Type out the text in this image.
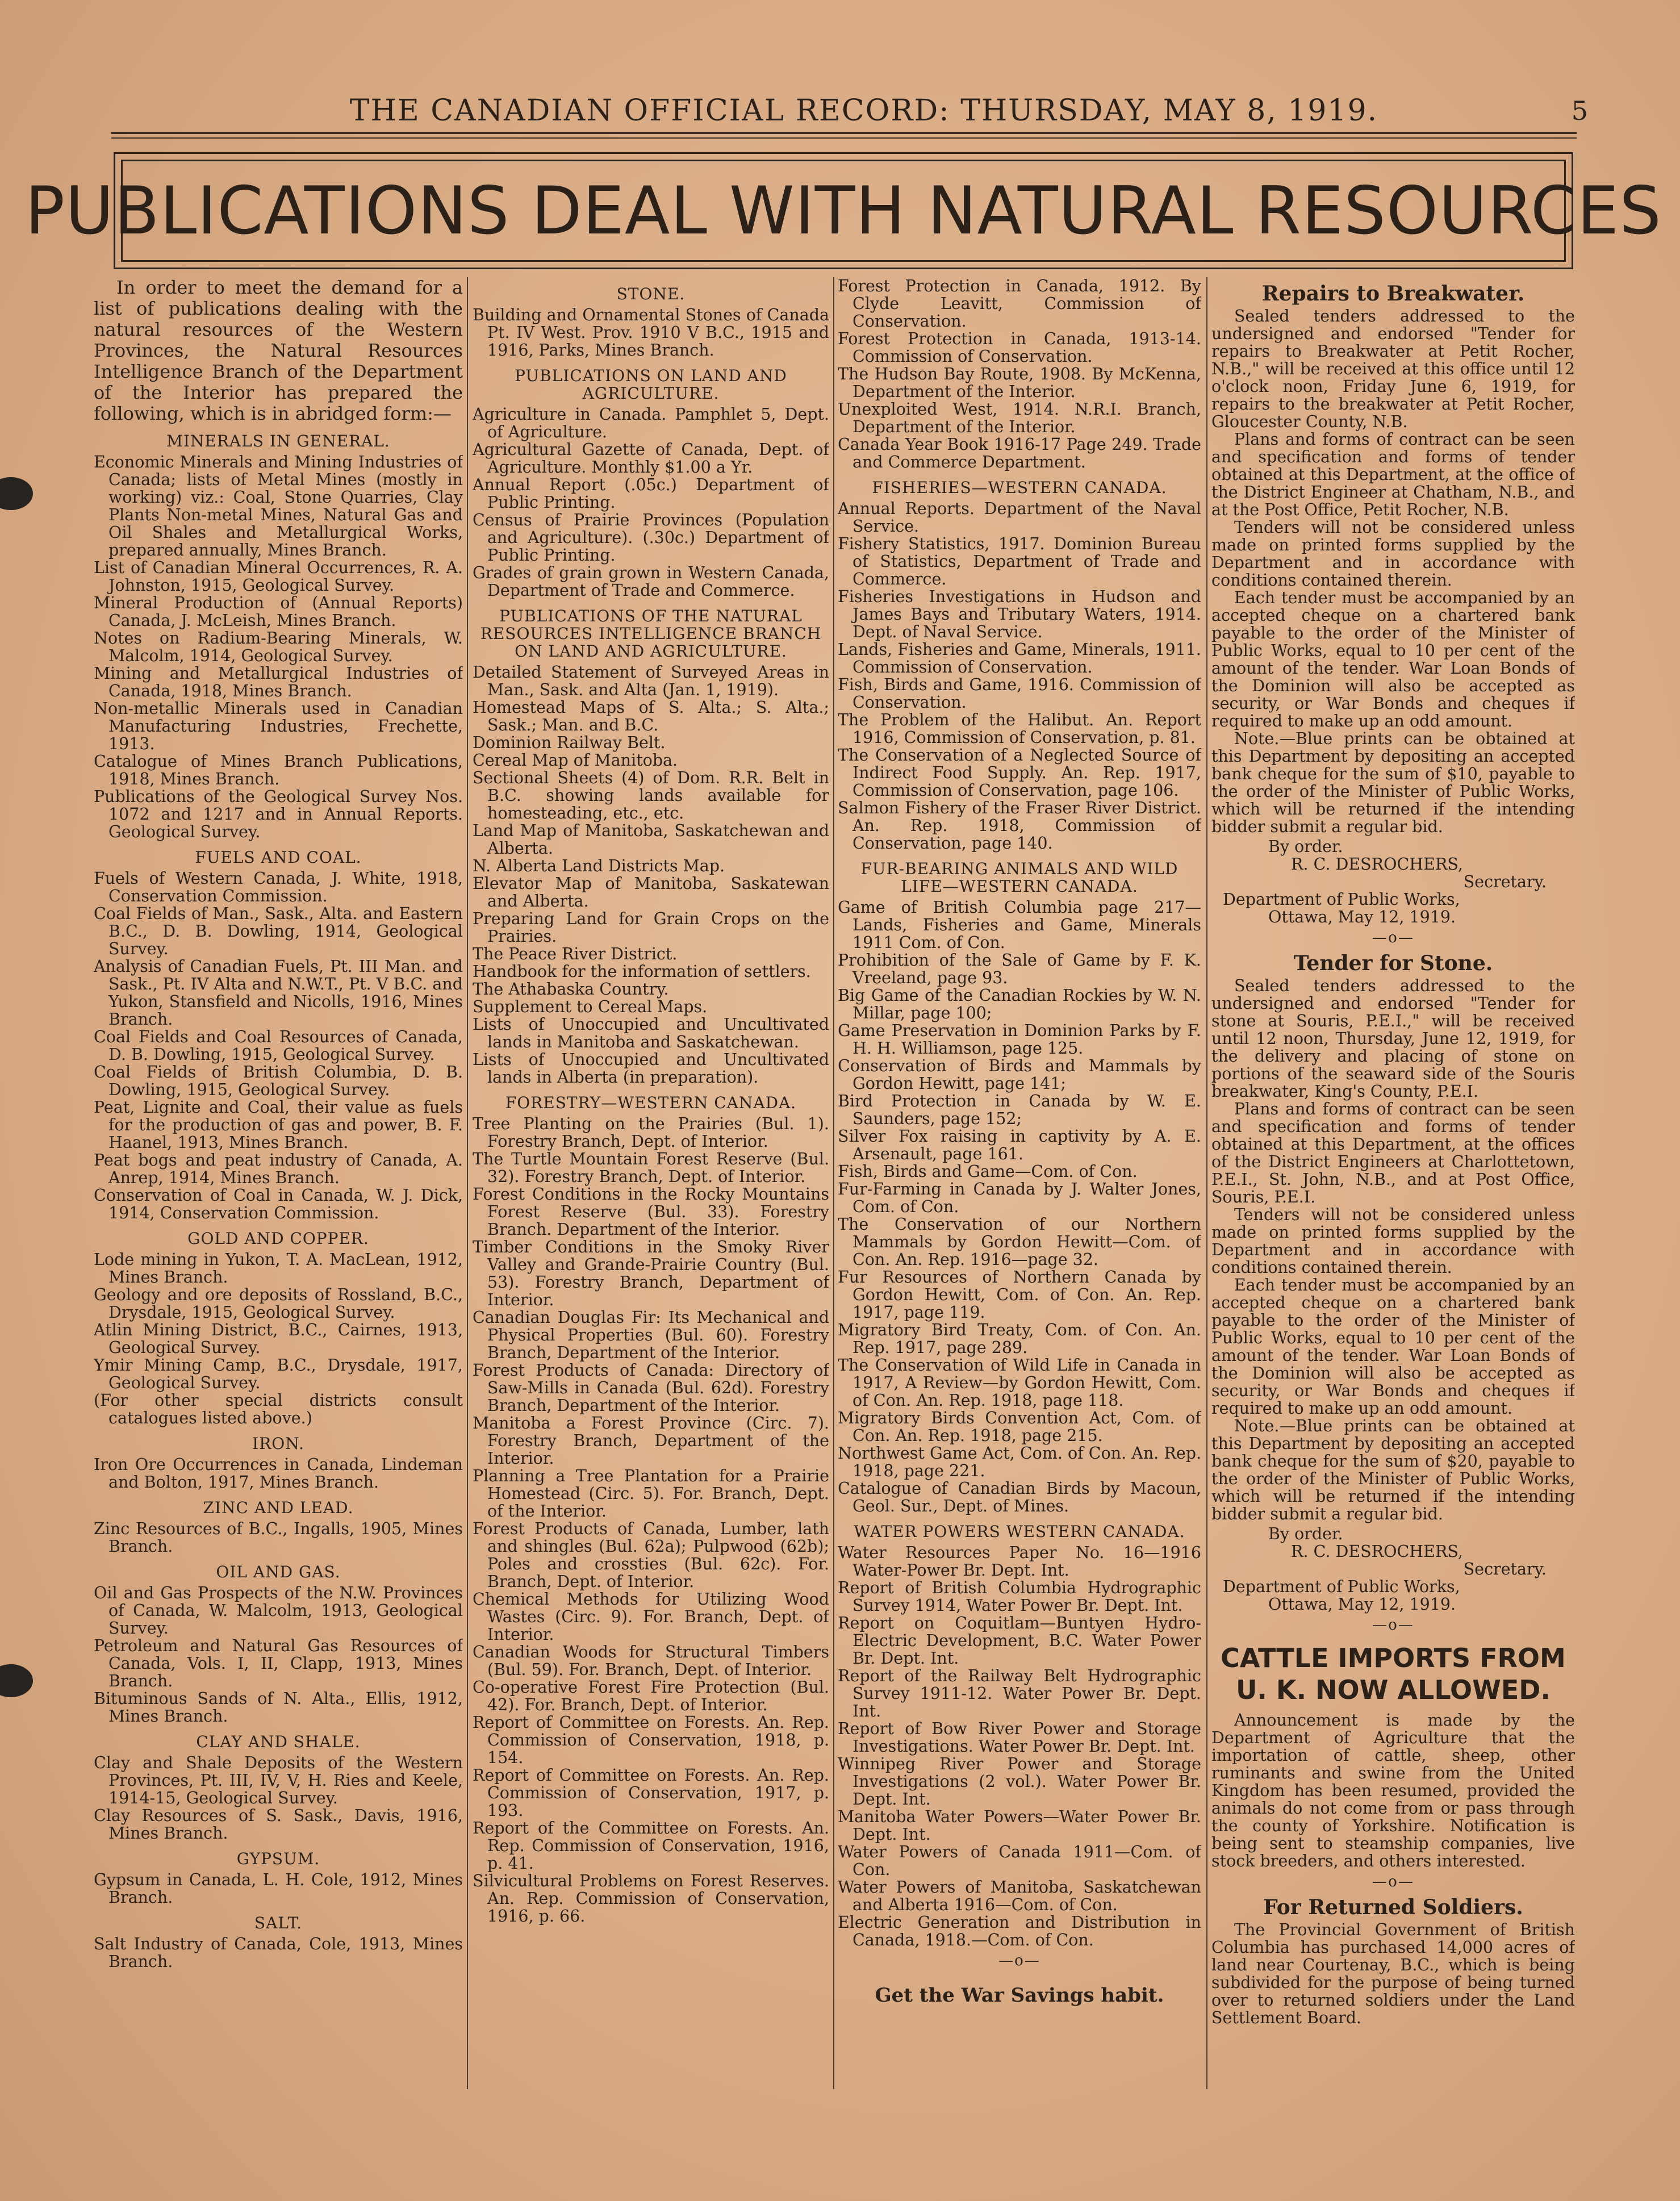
THE CANADIAN OFFICIAL RECORD: THURSDAY, MAY 8, 1919.	5
PUBLICATIONS DEAL WITH NATURAL RESOURCES
In order to meet the demand for a list of publications dealing with the natural resources of the Western Provinces, the Natural Resources Intelligence Branch of the Department of the Interior has prepared the following, which is in abridged form:—
MINERALS IN GENERAL.
Economic Minerals and Mining Industries of Canada; lists of Metal Mines (mostly in working) viz.: Coal, Stone Quarries, Clay Plants Non-metal Mines, Natural Gas and Oil Shales and Metallurgical Works, prepared annually, Mines Branch.
List of Canadian Mineral Occurrences, R. A. Johnston, 1915, Geological Survey.
Mineral Production of (Annual Reports) Canada, J. McLeish, Mines Branch.
Notes on Radium-Bearing Minerals, W. Malcolm, 1914, Geological Survey.
Mining and Metallurgical Industries of Canada, 1918, Mines Branch.
Non-metallic Minerals used in Canadian Manufacturing Industries, Frechette, 1913.
Catalogue of Mines Branch Publications, 1918, Mines Branch.
Publications of the Geological Survey Nos. 1072 and 1217 and in Annual Reports. Geological Survey.
FUELS AND COAL.
Fuels of Western Canada, J. White, 1918, Conservation Commission.
Coal Fields of Man., Sask., Alta. and Eastern B.C., D. B. Dowling, 1914, Geological Survey.
Analysis of Canadian Fuels, Pt. III Man. and Sask., Pt. IV Alta and N.W.T., Pt. V B.C. and Yukon, Stansfield and Nicolls, 1916, Mines Branch.
Coal Fields and Coal Resources of Canada, D. B. Dowling, 1915, Geological Survey.
Coal Fields of British Columbia, D. B. Dowling, 1915, Geological Survey.
Peat, Lignite and Coal, their value as fuels for the production of gas and power, B. F. Haanel, 1913, Mines Branch.
Peat bogs and peat industry of Canada, A. Anrep, 1914, Mines Branch.
Conservation of Coal in Canada, W. J. Dick, 1914, Conservation Commission.
GOLD AND COPPER.
Lode mining in Yukon, T. A. MacLean, 1912, Mines Branch.
Geology and ore deposits of Rossland, B.C., Drysdale, 1915, Geological Survey.
Atlin Mining District, B.C., Cairnes, 1913, Geological Survey.
Ymir Mining Camp, B.C., Drysdale, 1917, Geological Survey.
(For other special districts consult catalogues listed above.)
IRON.
Iron Ore Occurrences in Canada, Lindeman and Bolton, 1917, Mines Branch.
ZINC AND LEAD.
Zinc Resources of B.C., Ingalls, 1905, Mines Branch.
OIL AND GAS.
Oil and Gas Prospects of the N.W. Provinces of Canada, W. Malcolm, 1913, Geological Survey.
Petroleum and Natural Gas Resources of Canada, Vols. I, II, Clapp, 1913, Mines Branch.
Bituminous Sands of N. Alta., Ellis, 1912, Mines Branch.
CLAY AND SHALE.
Clay and Shale Deposits of the Western Provinces, Pt. III, IV, V, H. Ries and Keele, 1914-15, Geological Survey.
Clay Resources of S. Sask., Davis, 1916, Mines Branch.
GYPSUM.
Gypsum in Canada, L. H. Cole, 1912, Mines Branch.
SALT.
Salt Industry of Canada, Cole, 1913, Mines Branch.
STONE.
Building and Ornamental Stones of Canada Pt. IV West. Prov. 1910 V B.C., 1915 and 1916, Parks, Mines Branch.
PUBLICATIONS ON LAND AND AGRICULTURE.
Agriculture in Canada. Pamphlet 5, Dept. of Agriculture.
Agricultural Gazette of Canada, Dept. of Agriculture. Monthly $1.00 a Yr.
Annual Report (.05c.) Department of Public Printing.
Census of Prairie Provinces (Population and Agriculture). (.30c.) Department of Public Printing.
Grades of grain grown in Western Canada, Department of Trade and Commerce.
PUBLICATIONS OF THE NATURAL RESOURCES INTELLIGENCE BRANCH ON LAND AND AGRICULTURE.
Detailed Statement of Surveyed Areas in Man., Sask. and Alta (Jan. 1, 1919).
Homestead Maps of S. Alta.; S. Alta.; Sask.; Man. and B.C.
Dominion Railway Belt.
Cereal Map of Manitoba.
Sectional Sheets (4) of Dom. R.R. Belt in B.C. showing lands available for homesteading, etc., etc.
Land Map of Manitoba, Saskatchewan and Alberta.
N. Alberta Land Districts Map.
Elevator Map of Manitoba, Saskatewan and Alberta.
Preparing Land for Grain Crops on the Prairies.
The Peace River District.
Handbook for the information of settlers.
The Athabaska Country.
Supplement to Cereal Maps.
Lists of Unoccupied and Uncultivated lands in Manitoba and Saskatchewan.
Lists of Unoccupied and Uncultivated lands in Alberta (in preparation).
FORESTRY—WESTERN CANADA.
Tree Planting on the Prairies (Bul. 1). Forestry Branch, Dept. of Interior.
The Turtle Mountain Forest Reserve (Bul. 32). Forestry Branch, Dept. of Interior.
Forest Conditions in the Rocky Mountains Forest Reserve (Bul. 33). Forestry Branch. Department of the Interior.
Timber Conditions in the Smoky River Valley and Grande-Prairie Country (Bul. 53). Forestry Branch, Department of Interior.
Canadian Douglas Fir: Its Mechanical and Physical Properties (Bul. 60). Forestry Branch, Department of the Interior.
Forest Products of Canada: Directory of Saw-Mills in Canada (Bul. 62d). Forestry Branch, Department of the Interior.
Manitoba a Forest Province (Circ. 7). Forestry Branch, Department of the Interior.
Planning a Tree Plantation for a Prairie Homestead (Circ. 5). For. Branch, Dept. of the Interior.
Forest Products of Canada, Lumber, lath and shingles (Bul. 62a); Pulpwood (62b); Poles and crossties (Bul. 62c). For. Branch, Dept. of Interior.
Chemical Methods for Utilizing Wood Wastes (Circ. 9). For. Branch, Dept. of Interior.
Canadian Woods for Structural Timbers (Bul. 59). For. Branch, Dept. of Interior.
Co-operative Forest Fire Protection (Bul. 42). For. Branch, Dept. of Interior.
Report of Committee on Forests. An. Rep. Commission of Conservation, 1918, p. 154.
Report of Committee on Forests. An. Rep. Commission of Conservation, 1917, p. 193.
Report of the Committee on Forests. An. Rep. Commission of Conservation, 1916, p. 41.
Silvicultural Problems on Forest Reserves. An. Rep. Commission of Conservation, 1916, p. 66.
Forest Protection in Canada, 1912. By Clyde Leavitt, Commission of Conservation.
Forest Protection in Canada, 1913-14. Commission of Conservation.
The Hudson Bay Route, 1908. By McKenna, Department of the Interior.
Unexploited West, 1914. N.R.I. Branch, Department of the Interior.
Canada Year Book 1916-17 Page 249. Trade and Commerce Department.
FISHERIES—WESTERN CANADA.
Annual Reports. Department of the Naval Service.
Fishery Statistics, 1917. Dominion Bureau of Statistics, Department of Trade and Commerce.
Fisheries Investigations in Hudson and James Bays and Tributary Waters, 1914. Dept. of Naval Service.
Lands, Fisheries and Game, Minerals, 1911. Commission of Conservation.
Fish, Birds and Game, 1916. Commission of Conservation.
The Problem of the Halibut. An. Report 1916, Commission of Conservation, p. 81.
The Conservation of a Neglected Source of Indirect Food Supply. An. Rep. 1917, Commission of Conservation, page 106.
Salmon Fishery of the Fraser River District. An. Rep. 1918, Commission of Conservation, page 140.
FUR-BEARING ANIMALS AND WILD LIFE—WESTERN CANADA.
Game of British Columbia page 217—Lands, Fisheries and Game, Minerals 1911 Com. of Con.
Prohibition of the Sale of Game by F. K. Vreeland, page 93.
Big Game of the Canadian Rockies by W. N. Millar, page 100;
Game Preservation in Dominion Parks by F. H. H. Williamson, page 125.
Conservation of Birds and Mammals by Gordon Hewitt, page 141;
Bird Protection in Canada by W. E. Saunders, page 152;
Silver Fox raising in captivity by A. E. Arsenault, page 161.
Fish, Birds and Game—Com. of Con.
Fur-Farming in Canada by J. Walter Jones, Com. of Con.
The Conservation of our Northern Mammals by Gordon Hewitt—Com. of Con. An. Rep. 1916—page 32.
Fur Resources of Northern Canada by Gordon Hewitt, Com. of Con. An. Rep. 1917, page 119.
Migratory Bird Treaty, Com. of Con. An. Rep. 1917, page 289.
The Conservation of Wild Life in Canada in 1917, A Review—by Gordon Hewitt, Com. of Con. An. Rep. 1918, page 118.
Migratory Birds Convention Act, Com. of Con. An. Rep. 1918, page 215.
Northwest Game Act, Com. of Con. An. Rep. 1918, page 221.
Catalogue of Canadian Birds by Macoun, Geol. Sur., Dept. of Mines.
WATER POWERS WESTERN CANADA.
Water Resources Paper No. 16—1916 Water-Power Br. Dept. Int.
Report of British Columbia Hydrographic Survey 1914, Water Power Br. Dept. Int.
Report on Coquitlam—Buntyen Hydro-Electric Development, B.C. Water Power Br. Dept. Int.
Report of the Railway Belt Hydrographic Survey 1911-12. Water Power Br. Dept. Int.
Report of Bow River Power and Storage Investigations. Water Power Br. Dept. Int.
Winnipeg River Power and Storage Investigations (2 vol.). Water Power Br. Dept. Int.
Manitoba Water Powers—Water Power Br. Dept. Int.
Water Powers of Canada 1911—Com. of Con.
Water Powers of Manitoba, Saskatchewan and Alberta 1916—Com. of Con.
Electric Generation and Distribution in Canada, 1918.—Com. of Con.
—o—
Get the War Savings habit.
Repairs to Breakwater.
Sealed tenders addressed to the undersigned and endorsed "Tender for repairs to Breakwater at Petit Rocher, N.B.," will be received at this office until 12 o'clock noon, Friday June 6, 1919, for repairs to the breakwater at Petit Rocher, Gloucester County, N.B.
Plans and forms of contract can be seen and specification and forms of tender obtained at this Department, at the office of the District Engineer at Chatham, N.B., and at the Post Office, Petit Rocher, N.B.
Tenders will not be considered unless made on printed forms supplied by the Department and in accordance with conditions contained therein.
Each tender must be accompanied by an accepted cheque on a chartered bank payable to the order of the Minister of Public Works, equal to 10 per cent of the amount of the tender. War Loan Bonds of the Dominion will also be accepted as security, or War Bonds and cheques if required to make up an odd amount.
Note.—Blue prints can be obtained at this Department by depositing an accepted bank cheque for the sum of $10, payable to the order of the Minister of Public Works, which will be returned if the intending bidder submit a regular bid.
By order.
R. C. DESROCHERS,
Secretary.
Department of Public Works,
Ottawa, May 12, 1919.
—o—
Tender for Stone.
Sealed tenders addressed to the undersigned and endorsed "Tender for stone at Souris, P.E.I.," will be received until 12 noon, Thursday, June 12, 1919, for the delivery and placing of stone on portions of the seaward side of the Souris breakwater, King's County, P.E.I.
Plans and forms of contract can be seen and specification and forms of tender obtained at this Department, at the offices of the District Engineers at Charlottetown, P.E.I., St. John, N.B., and at Post Office, Souris, P.E.I.
Tenders will not be considered unless made on printed forms supplied by the Department and in accordance with conditions contained therein.
Each tender must be accompanied by an accepted cheque on a chartered bank payable to the order of the Minister of Public Works, equal to 10 per cent of the amount of the tender. War Loan Bonds of the Dominion will also be accepted as security, or War Bonds and cheques if required to make up an odd amount.
Note.—Blue prints can be obtained at this Department by depositing an accepted bank cheque for the sum of $20, payable to the order of the Minister of Public Works, which will be returned if the intending bidder submit a regular bid.
By order.
R. C. DESROCHERS,
Secretary.
Department of Public Works,
Ottawa, May 12, 1919.
—o—
CATTLE IMPORTS FROM
U. K. NOW ALLOWED.
Announcement is made by the Department of Agriculture that the importation of cattle, sheep, other ruminants and swine from the United Kingdom has been resumed, provided the animals do not come from or pass through the county of Yorkshire. Notification is being sent to steamship companies, live stock breeders, and others interested.
—o—
For Returned Soldiers.
The Provincial Government of British Columbia has purchased 14,000 acres of land near Courtenay, B.C., which is being subdivided for the purpose of being turned over to returned soldiers under the Land Settlement Board.
